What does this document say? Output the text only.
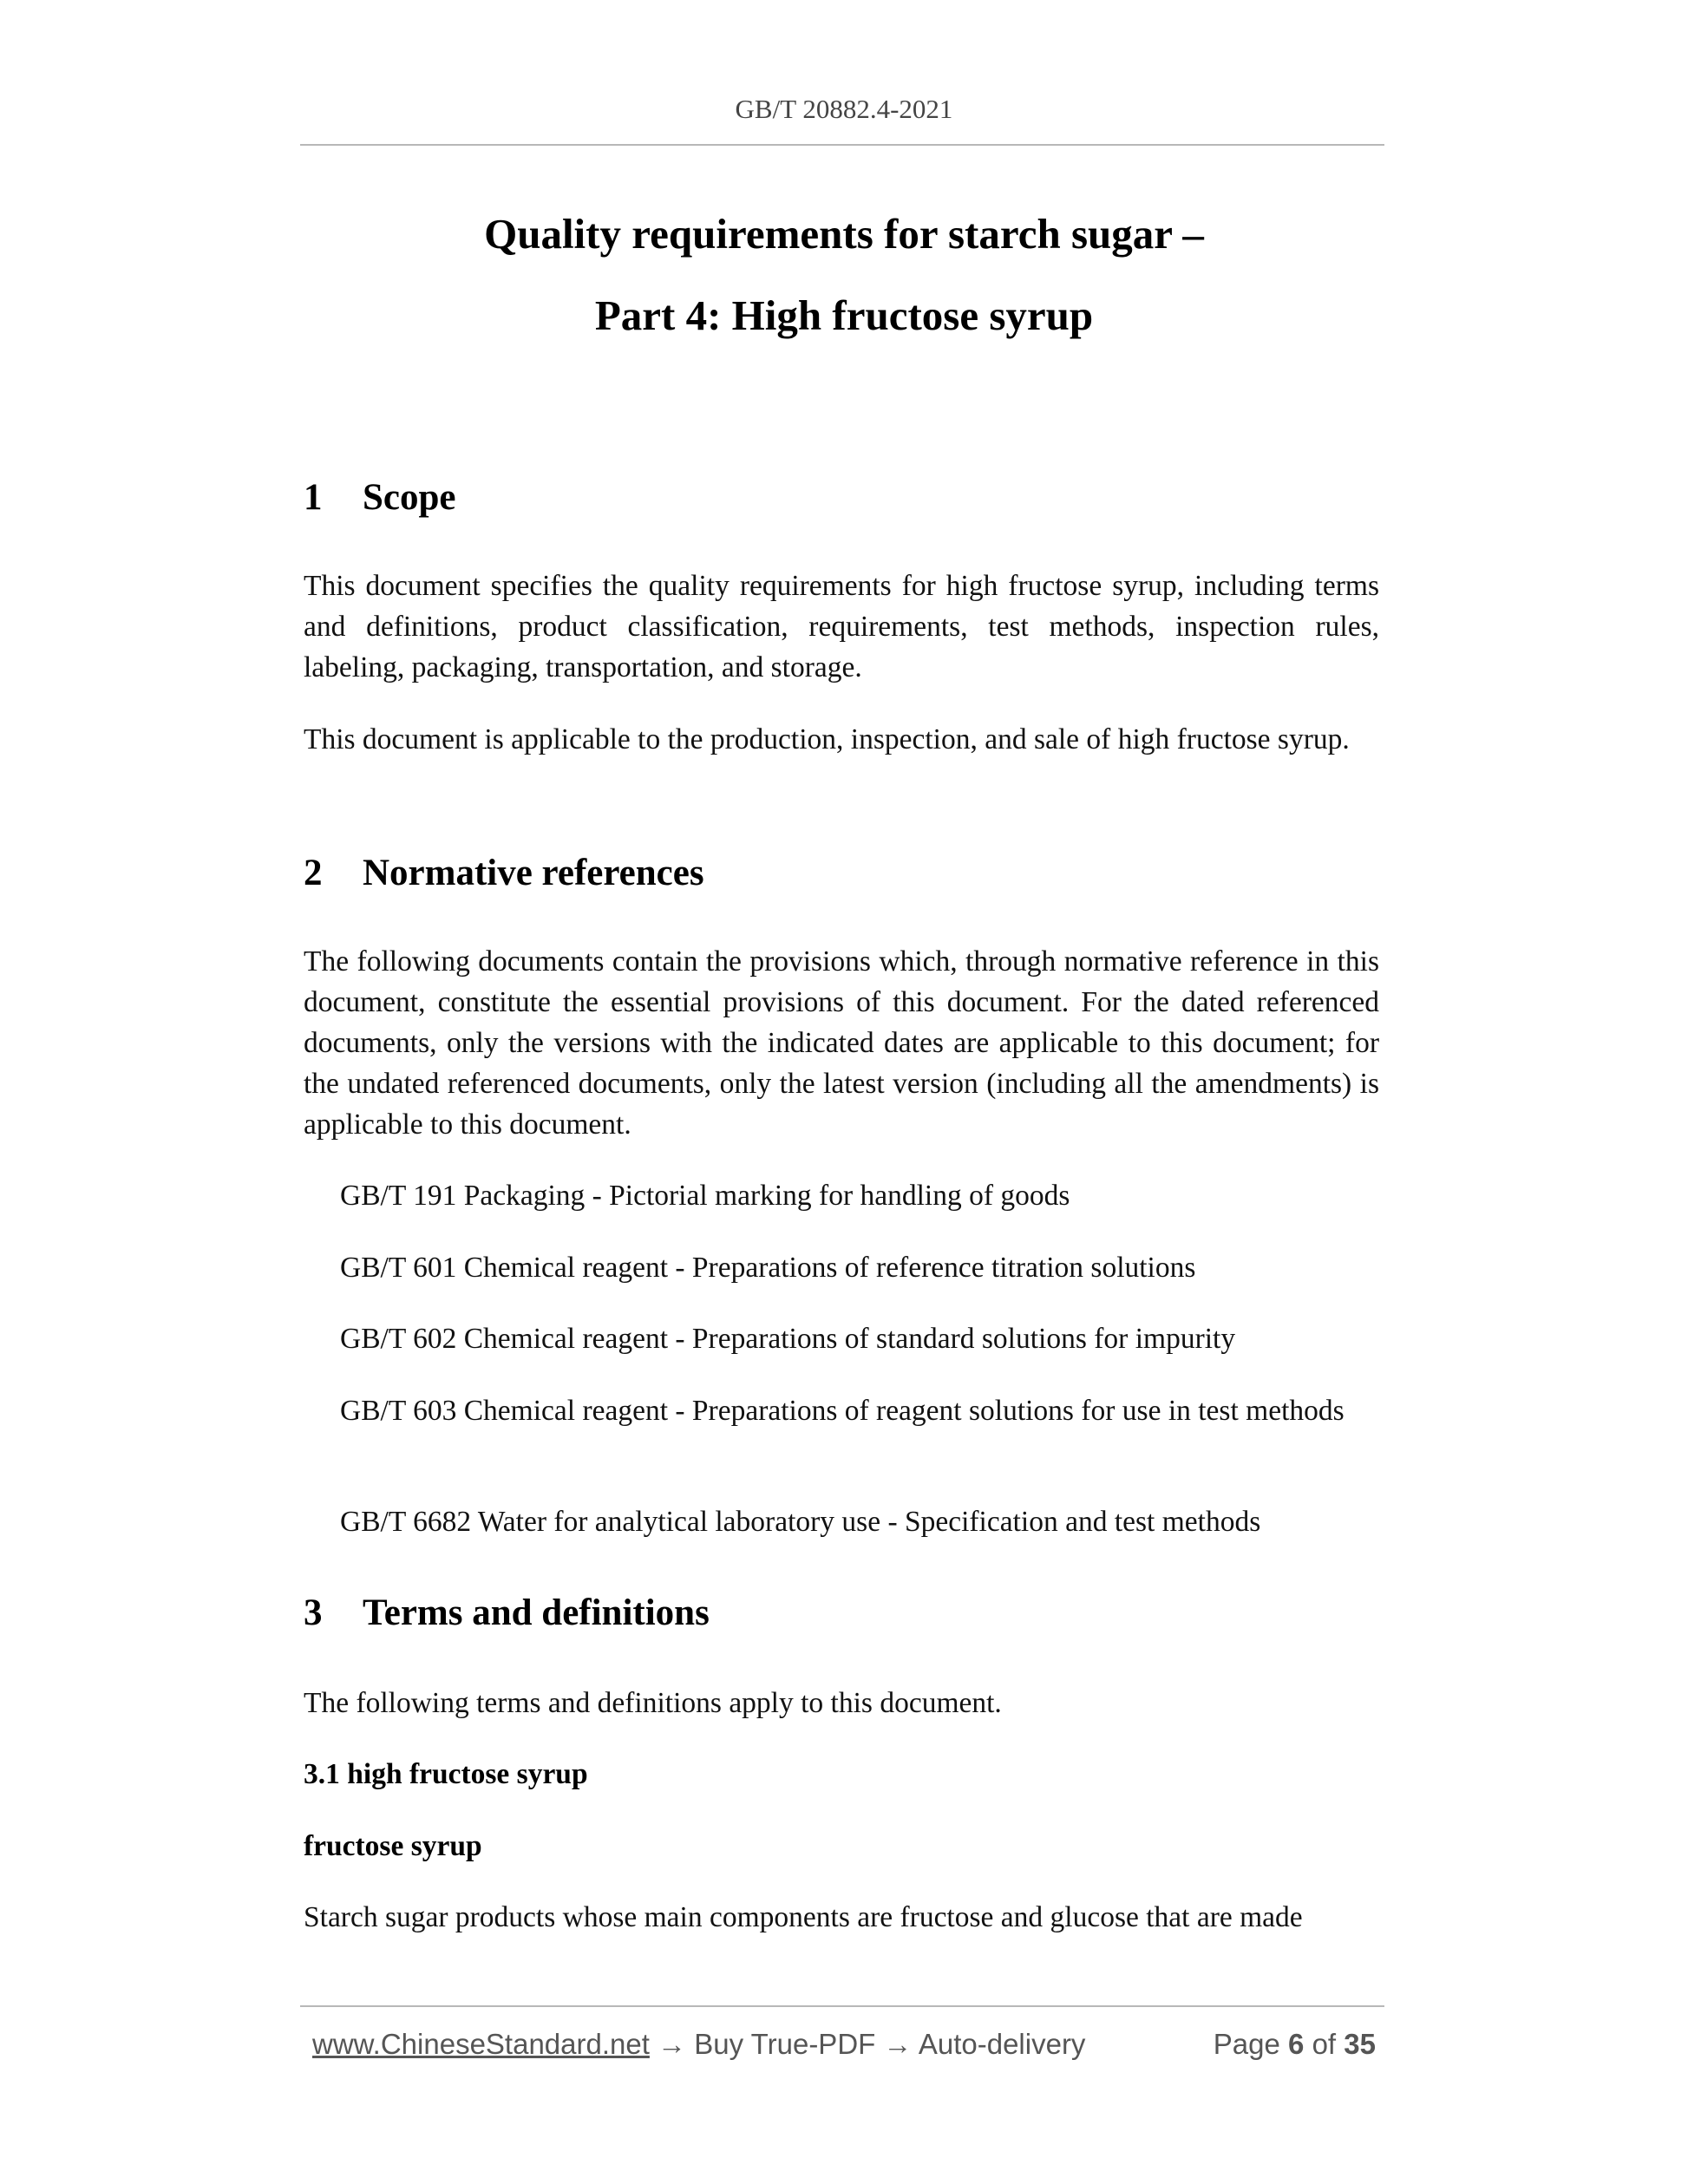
GB/T 20882.4-2021
Quality requirements for starch sugar –
Part 4: High fructose syrup
1 Scope
This document specifies the quality requirements for high fructose syrup, including terms and definitions, product classification, requirements, test methods, inspection rules, labeling, packaging, transportation, and storage.
This document is applicable to the production, inspection, and sale of high fructose syrup.
2 Normative references
The following documents contain the provisions which, through normative reference in this document, constitute the essential provisions of this document. For the dated referenced documents, only the versions with the indicated dates are applicable to this document; for the undated referenced documents, only the latest version (including all the amendments) is applicable to this document.
GB/T 191 Packaging - Pictorial marking for handling of goods
GB/T 601 Chemical reagent - Preparations of reference titration solutions
GB/T 602 Chemical reagent - Preparations of standard solutions for impurity
GB/T 603 Chemical reagent - Preparations of reagent solutions for use in test methods
GB/T 6682 Water for analytical laboratory use - Specification and test methods
3 Terms and definitions
The following terms and definitions apply to this document.
3.1 high fructose syrup
fructose syrup
Starch sugar products whose main components are fructose and glucose that are made
www.ChineseStandard.net → Buy True-PDF → Auto-delivery	Page 6 of 35
